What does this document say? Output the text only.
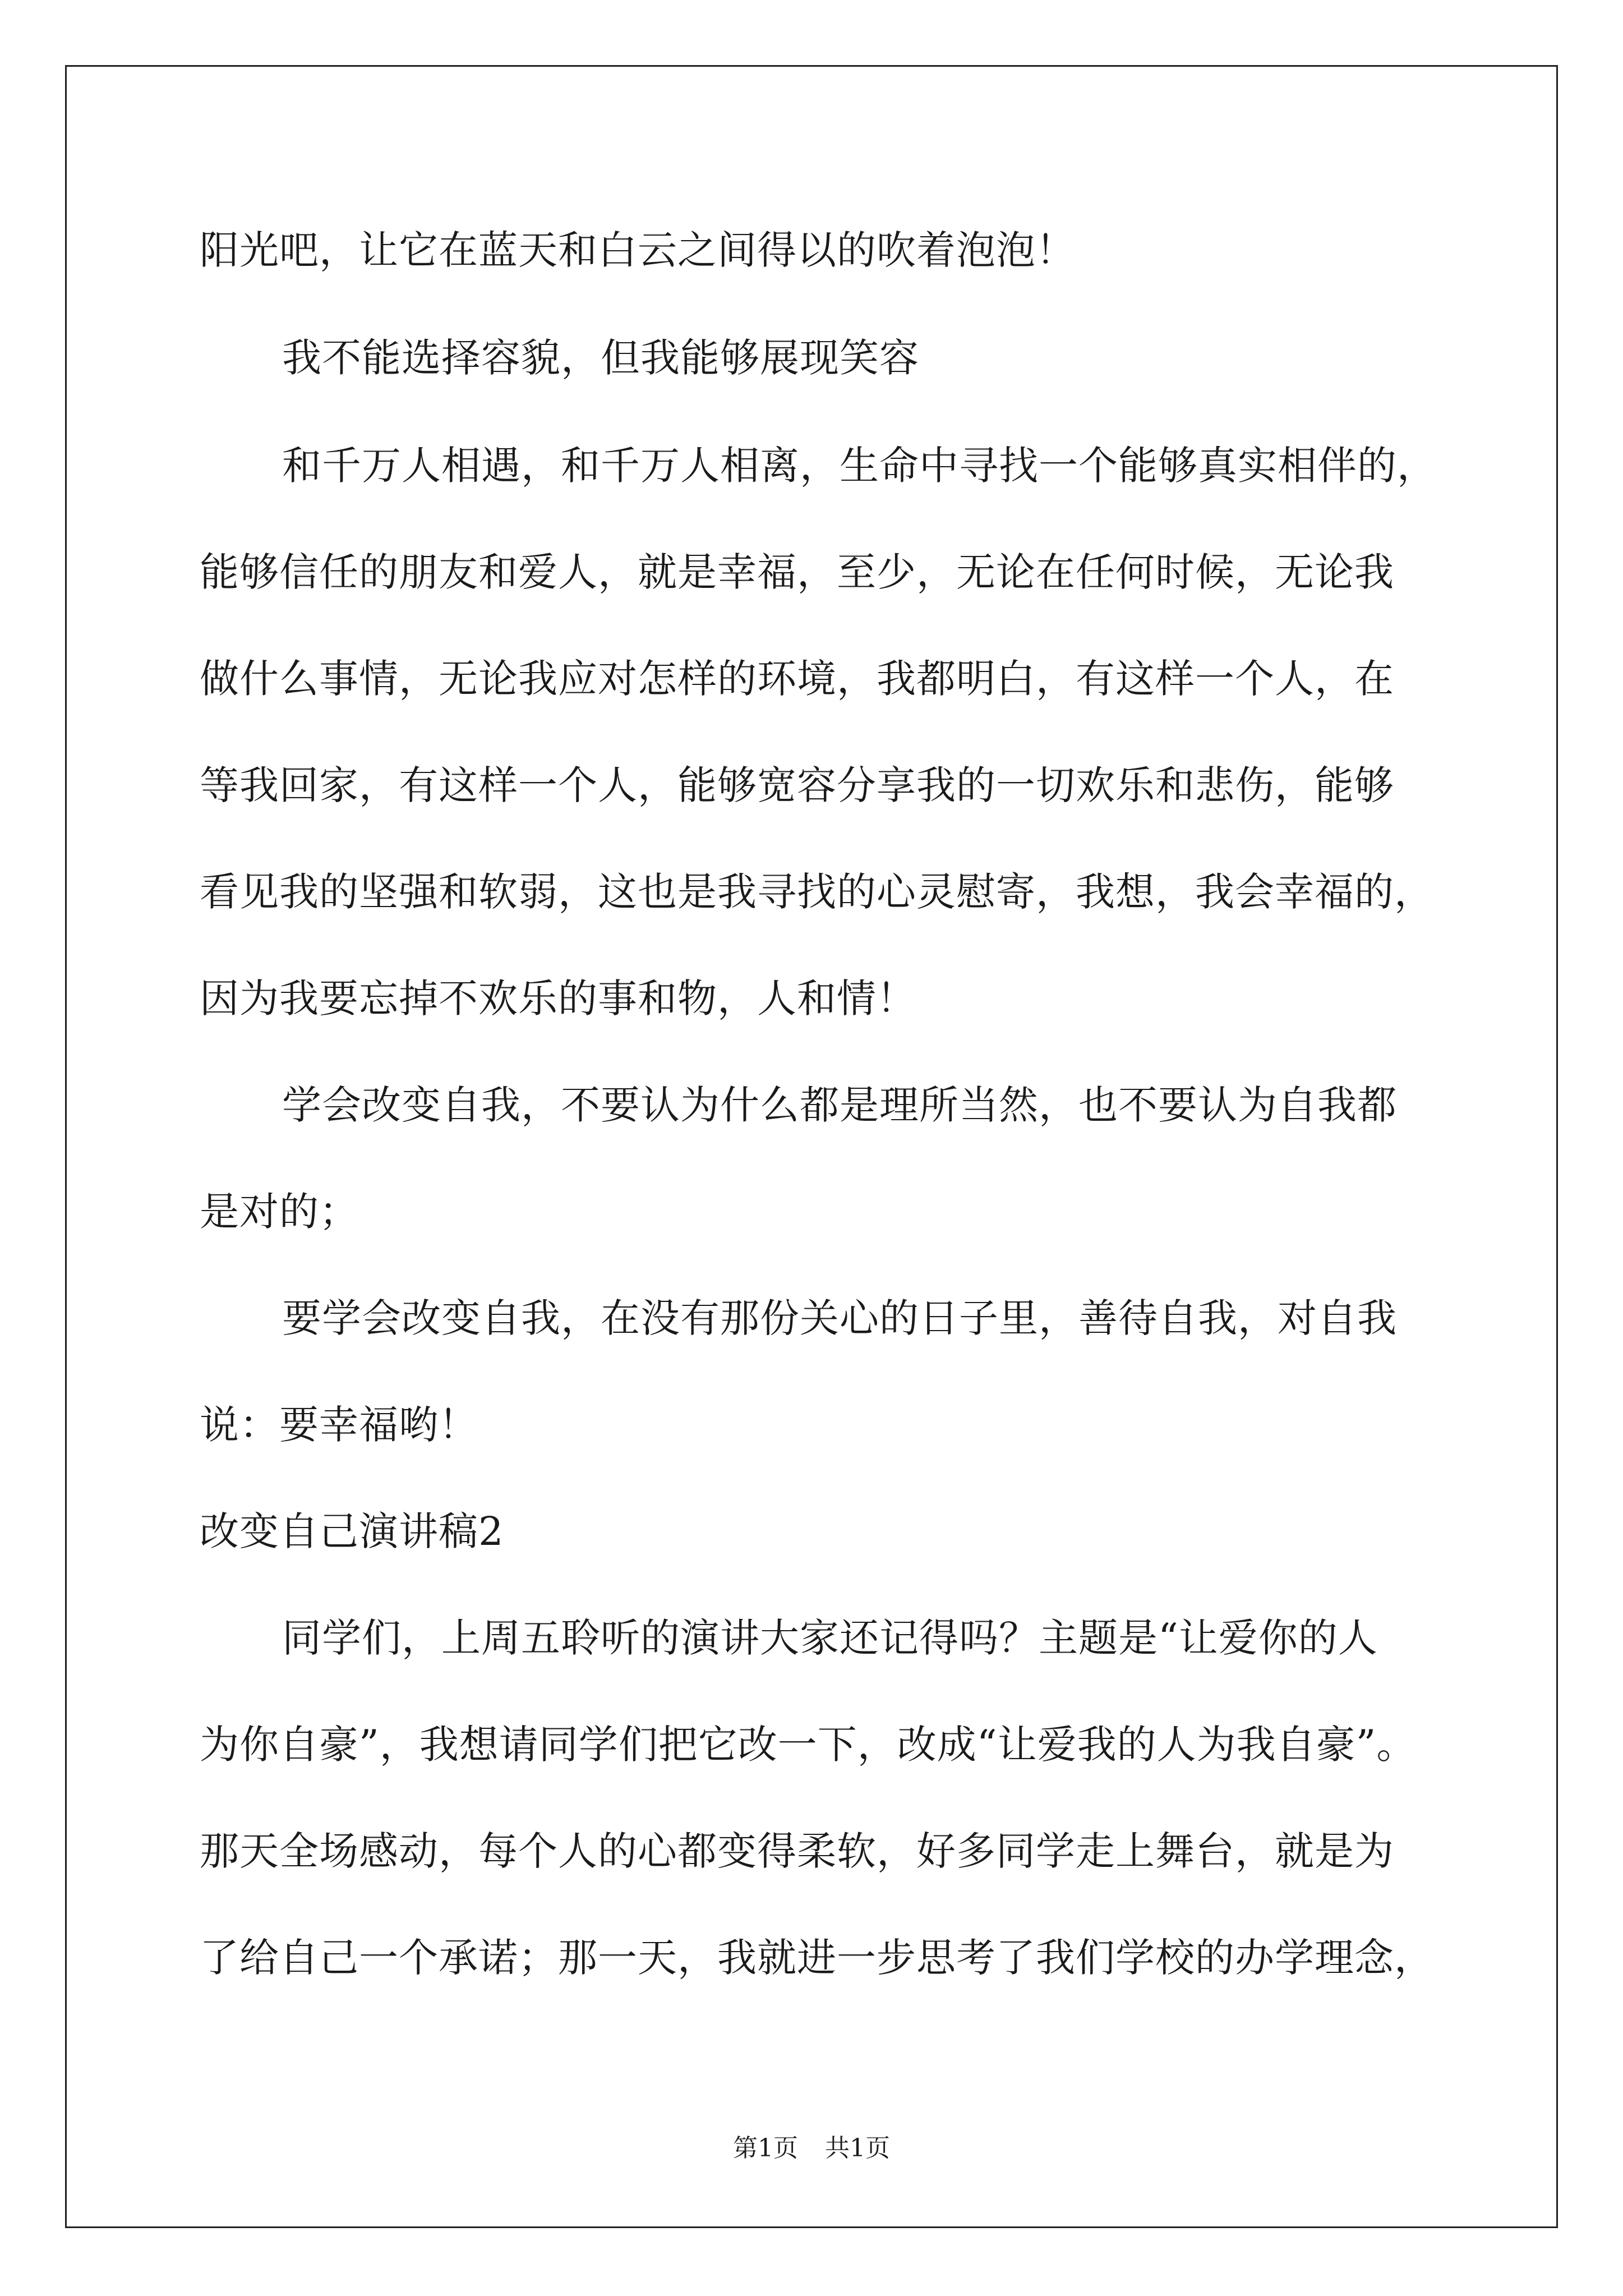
阳光吧，让它在蓝天和白云之间得以的吹着泡泡！
我不能选择容貌，但我能够展现笑容
和千万人相遇，和千万人相离，生命中寻找一个能够真实相伴的，
能够信任的朋友和爱人，就是幸福，至少，无论在任何时候，无论我
做什么事情，无论我应对怎样的环境，我都明白，有这样一个人，在
等我回家，有这样一个人，能够宽容分享我的一切欢乐和悲伤，能够
看见我的坚强和软弱，这也是我寻找的心灵慰寄，我想，我会幸福的，
因为我要忘掉不欢乐的事和物，人和情！
学会改变自我，不要认为什么都是理所当然，也不要认为自我都
是对的；
要学会改变自我，在没有那份关心的日子里，善待自我，对自我
说：要幸福哟！
改变自己演讲稿2
同学们，上周五聆听的演讲大家还记得吗？主题是“让爱你的人
为你自豪”，我想请同学们把它改一下，改成“让爱我的人为我自豪”。
那天全场感动，每个人的心都变得柔软，好多同学走上舞台，就是为
了给自己一个承诺；那一天，我就进一步思考了我们学校的办学理念，
第1页 共1页
